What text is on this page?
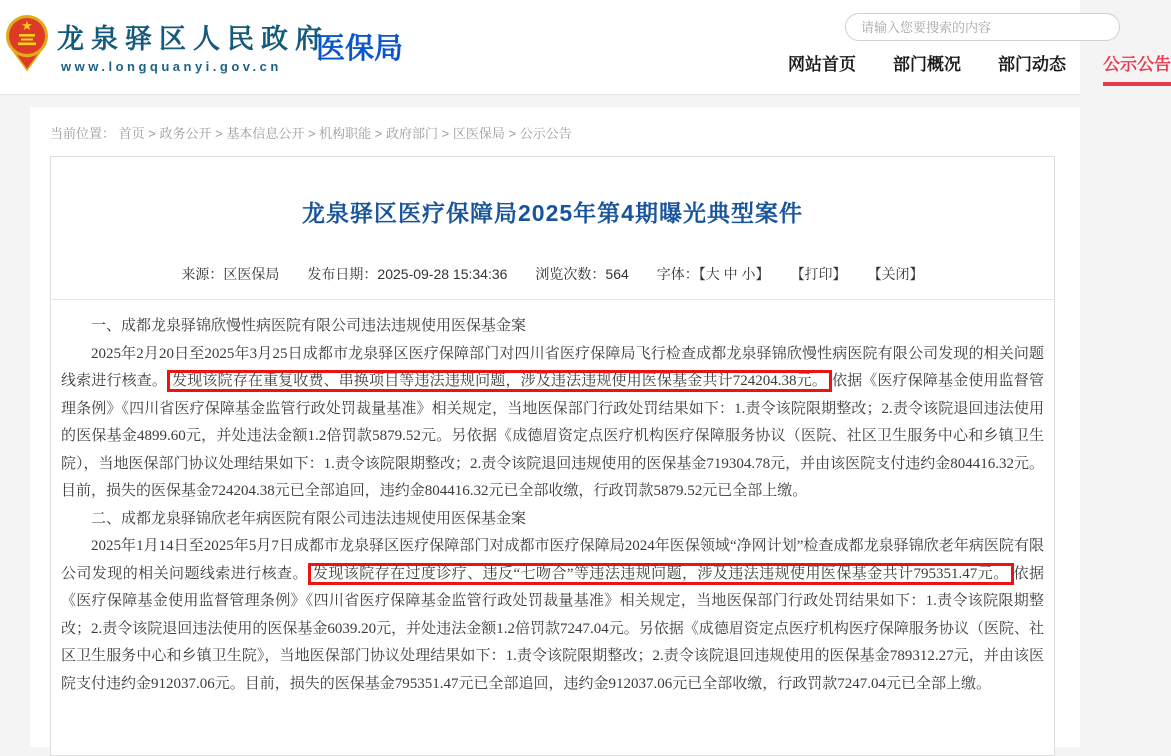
★ 龙泉驿区人民政府
www.longquanyi.gov.cn
医保局
请输入您要搜索的内容	网站首页 部门概况 部门动态 公示公告
当前位置： 首页 > 政务公开 > 基本信息公开 > 机构职能 > 政府部门 > 区医保局 > 公示公告
龙泉驿区医疗保障局2025年第4期曝光典型案件
来源：区医保局 发布日期：2025-09-28 15:34:36 浏览次数：564 字体：【大 中 小】 【打印】 【关闭】

一、成都龙泉驿锦欣慢性病医院有限公司违法违规使用医保基金案

2025年2月20日至2025年3月25日成都市龙泉驿区医疗保障部门对四川省医疗保障局飞行检查成都龙泉驿锦欣慢性病医院有限公司发现的相关问题线索进行核查。 发现该院存在重复收费、串换项目等违法违规问题，涉及违法违规使用医保基金共计724204.38元。 依据《医疗保障基金使用监督管理条例》《四川省医疗保障基金监管行政处罚裁量基准》相关规定，当地医保部门行政处罚结果如下：1.责令该院限期整改；2.责令该院退回违法使用的医保基金4899.60元，并处违法金额1.2倍罚款5879.52元。另依据《成德眉资定点医疗机构医疗保障服务协议（医院、社区卫生服务中心和乡镇卫生院），当地医保部门协议处理结果如下：1.责令该院限期整改；2.责令该院退回违规使用的医保基金719304.78元，并由该医院支付违约金804416.32元。目前，损失的医保基金724204.38元已全部追回，违约金804416.32元已全部收缴，行政罚款5879.52元已全部上缴。

二、成都龙泉驿锦欣老年病医院有限公司违法违规使用医保基金案

2025年1月14日至2025年5月7日成都市龙泉驿区医疗保障部门对成都市医疗保障局2024年医保领域“净网计划”检查成都龙泉驿锦欣老年病医院有限公司发现的相关问题线索进行核查。 发现该院存在过度诊疗、违反“七吻合”等违法违规问题，涉及违法违规使用医保基金共计795351.47元。 依据《医疗保障基金使用监督管理条例》《四川省医疗保障基金监管行政处罚裁量基准》相关规定，当地医保部门行政处罚结果如下：1.责令该院限期整改；2.责令该院退回违法使用的医保基金6039.20元，并处违法金额1.2倍罚款7247.04元。另依据《成德眉资定点医疗机构医疗保障服务协议（医院、社区卫生服务中心和乡镇卫生院》，当地医保部门协议处理结果如下：1.责令该院限期整改；2.责令该院退回违规使用的医保基金789312.27元，并由该医院支付违约金912037.06元。目前，损失的医保基金795351.47元已全部追回，违约金912037.06元已全部收缴，行政罚款7247.04元已全部上缴。
